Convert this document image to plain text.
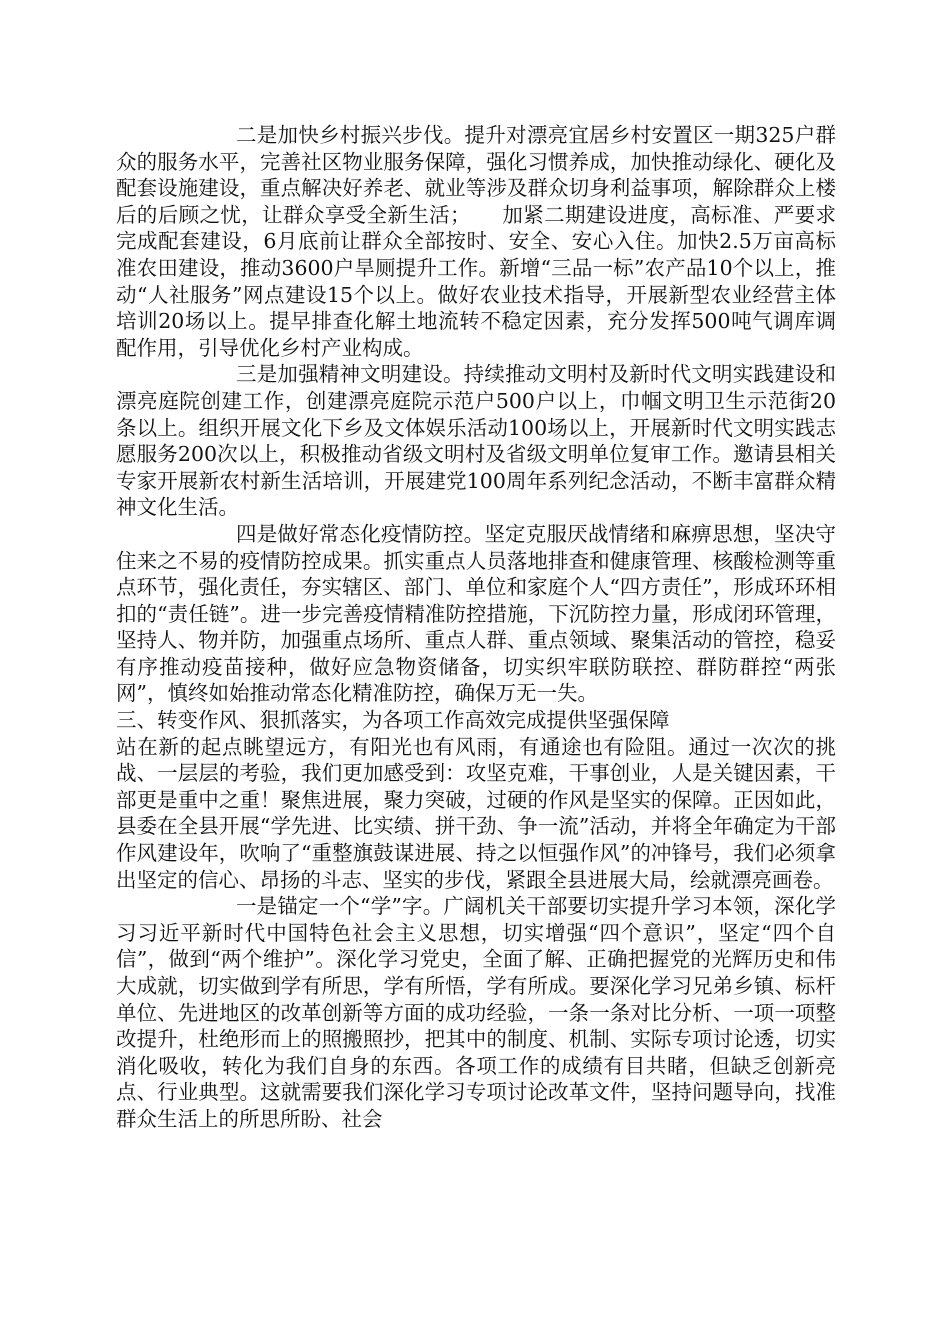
二是加快乡村振兴步伐。提升对漂亮宜居乡村安置区一期325户群众的服务水平，完善社区物业服务保障，强化习惯养成，加快推动绿化、硬化及配套设施建设，重点解决好养老、就业等涉及群众切身利益事项，解除群众上楼后的后顾之忧，让群众享受全新生活；　　加紧二期建设进度，高标准、严要求完成配套建设，6月底前让群众全部按时、安全、安心入住。加快2.5万亩高标准农田建设，推动3600户旱厕提升工作。新增“三品一标”农产品10个以上，推动“人社服务”网点建设15个以上。做好农业技术指导，开展新型农业经营主体培训20场以上。提早排查化解土地流转不稳定因素，充分发挥500吨气调库调配作用，引导优化乡村产业构成。

三是加强精神文明建设。持续推动文明村及新时代文明实践建设和漂亮庭院创建工作，创建漂亮庭院示范户500户以上，巾帼文明卫生示范街20条以上。组织开展文化下乡及文体娱乐活动100场以上，开展新时代文明实践志愿服务200次以上，积极推动省级文明村及省级文明单位复审工作。邀请县相关专家开展新农村新生活培训，开展建党100周年系列纪念活动，不断丰富群众精神文化生活。

四是做好常态化疫情防控。坚定克服厌战情绪和麻痹思想，坚决守住来之不易的疫情防控成果。抓实重点人员落地排查和健康管理、核酸检测等重点环节，强化责任，夯实辖区、部门、单位和家庭个人“四方责任”，形成环环相扣的“责任链”。进一步完善疫情精准防控措施，下沉防控力量，形成闭环管理，坚持人、物并防，加强重点场所、重点人群、重点领域、聚集活动的管控，稳妥有序推动疫苗接种，做好应急物资储备，切实织牢联防联控、群防群控“两张网”，慎终如始推动常态化精准防控，确保万无一失。

三、转变作风、狠抓落实，为各项工作高效完成提供坚强保障

站在新的起点眺望远方，有阳光也有风雨，有通途也有险阻。通过一次次的挑战、一层层的考验，我们更加感受到：攻坚克难，干事创业，人是关键因素，干部更是重中之重！聚焦进展，聚力突破，过硬的作风是坚实的保障。正因如此，县委在全县开展“学先进、比实绩、拼干劲、争一流”活动，并将全年确定为干部作风建设年，吹响了“重整旗鼓谋进展、持之以恒强作风”的冲锋号，我们必须拿出坚定的信心、昂扬的斗志、坚实的步伐，紧跟全县进展大局，绘就漂亮画卷。

一是锚定一个“学”字。广阔机关干部要切实提升学习本领，深化学习习近平新时代中国特色社会主义思想，切实增强“四个意识”，坚定“四个自信”，做到“两个维护”。深化学习党史，全面了解、正确把握党的光辉历史和伟大成就，切实做到学有所思，学有所悟，学有所成。要深化学习兄弟乡镇、标杆单位、先进地区的改革创新等方面的成功经验，一条一条对比分析、一项一项整改提升，杜绝形而上的照搬照抄，把其中的制度、机制、实际专项讨论透，切实消化吸收，转化为我们自身的东西。各项工作的成绩有目共睹，但缺乏创新亮点、行业典型。这就需要我们深化学习专项讨论改革文件，坚持问题导向，找准群众生活上的所思所盼、社会
